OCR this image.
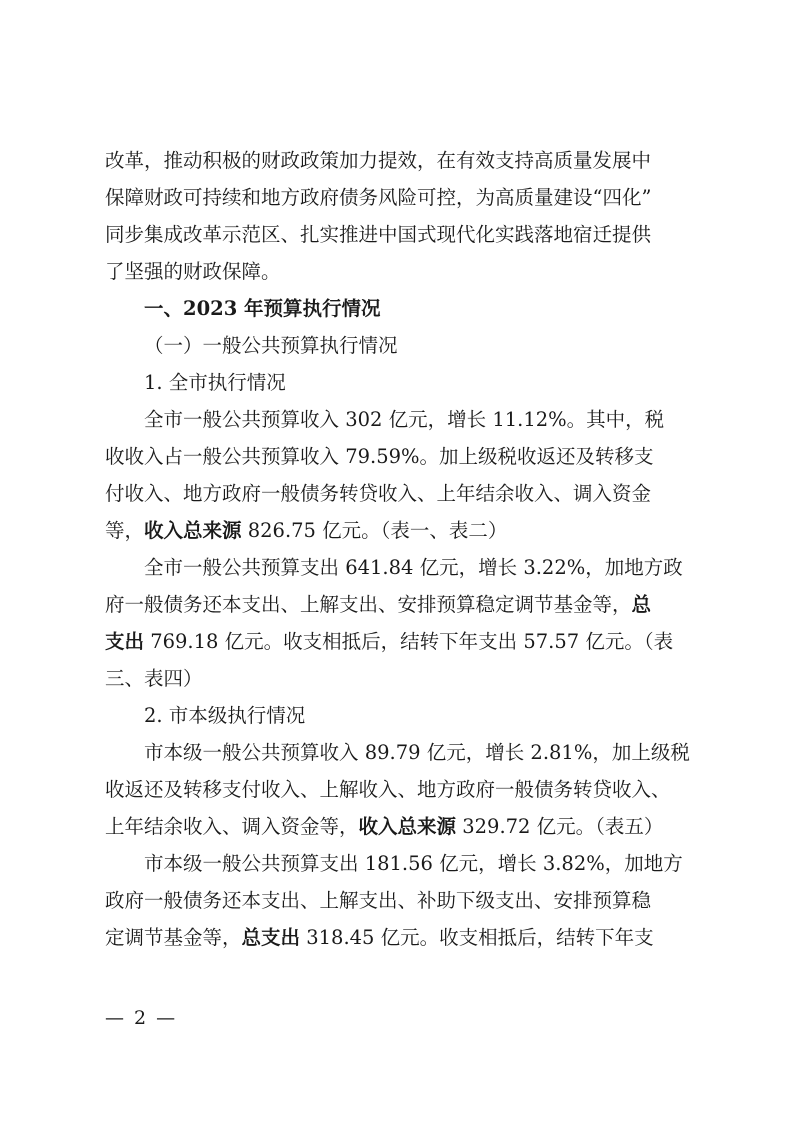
改革，推动积极的财政政策加力提效，在有效支持高质量发展中
保障财政可持续和地方政府债务风险可控，为高质量建设“四化”
同步集成改革示范区、扎实推进中国式现代化实践落地宿迁提供
了坚强的财政保障。
一、2023 年预算执行情况
（一）一般公共预算执行情况
1. 全市执行情况
全市一般公共预算收入 302 亿元，增长 11.12%。其中，税
收收入占一般公共预算收入 79.59%。加上级税收返还及转移支
付收入、地方政府一般债务转贷收入、上年结余收入、调入资金
等，收入总来源 826.75 亿元。（表一、表二）
全市一般公共预算支出 641.84 亿元，增长 3.22%，加地方政
府一般债务还本支出、上解支出、安排预算稳定调节基金等，总
支出 769.18 亿元。收支相抵后，结转下年支出 57.57 亿元。（表
三、表四）
2. 市本级执行情况
市本级一般公共预算收入 89.79 亿元，增长 2.81%，加上级税
收返还及转移支付收入、上解收入、地方政府一般债务转贷收入、
上年结余收入、调入资金等，收入总来源 329.72 亿元。（表五）
市本级一般公共预算支出 181.56 亿元，增长 3.82%，加地方
政府一般债务还本支出、上解支出、补助下级支出、安排预算稳
定调节基金等，总支出 318.45 亿元。收支相抵后，结转下年支
— 2 —
